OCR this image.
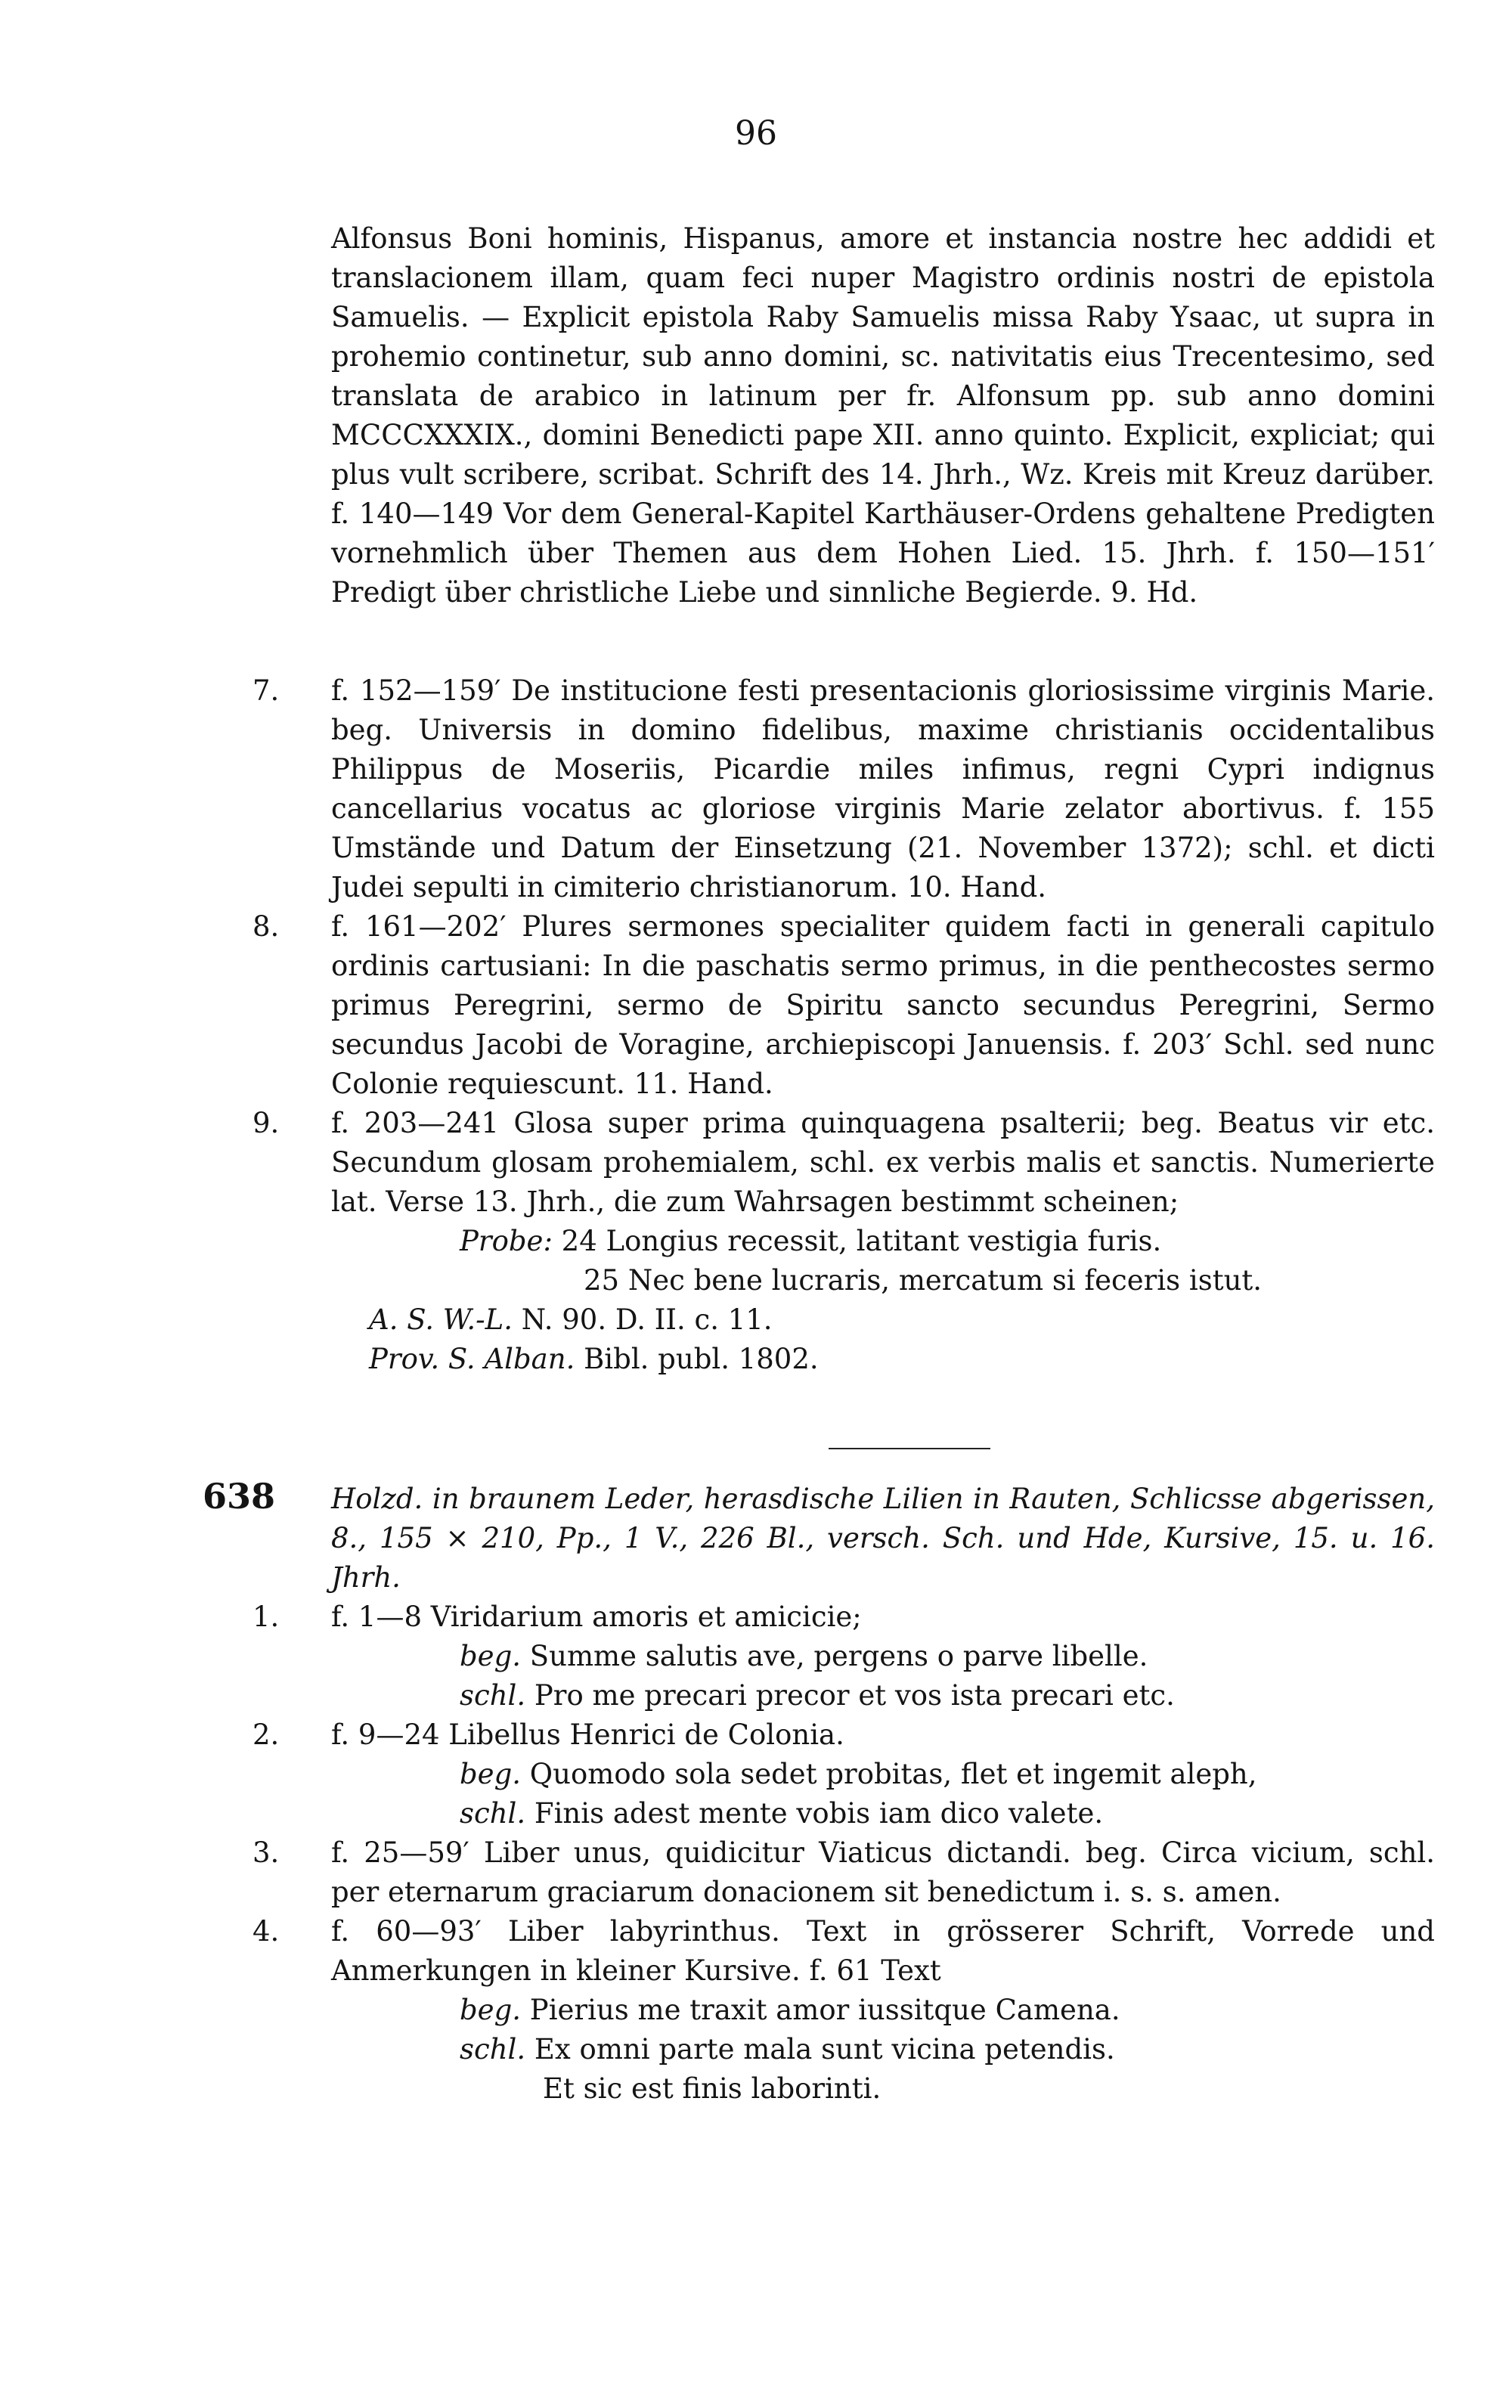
96

Alfonsus Boni hominis, Hispanus, amore et instancia nostre hec addidi et translacionem illam, quam feci nuper Magistro ordinis nostri de epistola Samuelis. — Explicit epistola Raby Samuelis missa Raby Ysaac, ut supra in prohemio continetur, sub anno domini, sc. nativitatis eius Trecentesimo, sed translata de arabico in latinum per fr. Alfonsum pp. sub anno domini MCCCXXXIX., domini Benedicti pape XII. anno quinto. Explicit, expliciat; qui plus vult scribere, scribat. Schrift des 14. Jhrh., Wz. Kreis mit Kreuz darüber. f. 140—149 Vor dem General-Kapitel Karthäuser-Ordens gehaltene Predigten vornehmlich über Themen aus dem Hohen Lied. 15. Jhrh. f. 150—151′ Predigt über christliche Liebe und sinnliche Begierde. 9. Hd.

7. f. 152—159′ De institucione festi presentacionis gloriosissime virginis Marie. beg. Universis in domino fidelibus, maxime christianis occidentalibus Philippus de Moseriis, Picardie miles infimus, regni Cypri indignus cancellarius vocatus ac gloriose virginis Marie zelator abortivus. f. 155 Umstände und Datum der Einsetzung (21. November 1372); schl. et dicti Judei sepulti in cimiterio christianorum. 10. Hand.

8. f. 161—202′ Plures sermones specialiter quidem facti in generali capitulo ordinis cartusiani: In die paschatis sermo primus, in die penthecostes sermo primus Peregrini, sermo de Spiritu sancto secundus Peregrini, Sermo secundus Jacobi de Voragine, archiepiscopi Januensis. f. 203′ Schl. sed nunc Colonie requiescunt. 11. Hand.

9. f. 203—241 Glosa super prima quinquagena psalterii; beg. Beatus vir etc. Secundum glosam prohemialem, schl. ex verbis malis et sanctis. Numerierte lat. Verse 13. Jhrh., die zum Wahrsagen bestimmt scheinen;

Probe: 24 Longius recessit, latitant vestigia furis.

25 Nec bene lucraris, mercatum si feceris istut.

A. S. W.-L. N. 90. D. II. c. 11.

Prov. S. Alban. Bibl. publ. 1802.

638 Holzd. in braunem Leder, herasdische Lilien in Rauten, Schlicsse abgerissen, 8., 155 × 210, Pp., 1 V., 226 Bl., versch. Sch. und Hde, Kursive, 15. u. 16. Jhrh.
1. f. 1—8 Viridarium amoris et amicicie;

beg. Summe salutis ave, pergens o parve libelle.

schl. Pro me precari precor et vos ista precari etc.

2. f. 9—24 Libellus Henrici de Colonia.

beg. Quomodo sola sedet probitas, flet et ingemit aleph,

schl. Finis adest mente vobis iam dico valete.

3. f. 25—59′ Liber unus, quidicitur Viaticus dictandi. beg. Circa vicium, schl. per eternarum graciarum donacionem sit benedictum i. s. s. amen.

4. f. 60—93′ Liber labyrinthus. Text in grösserer Schrift, Vorrede und Anmerkungen in kleiner Kursive. f. 61 Text

beg. Pierius me traxit amor iussitque Camena.

schl. Ex omni parte mala sunt vicina petendis.

Et sic est finis laborinti.
